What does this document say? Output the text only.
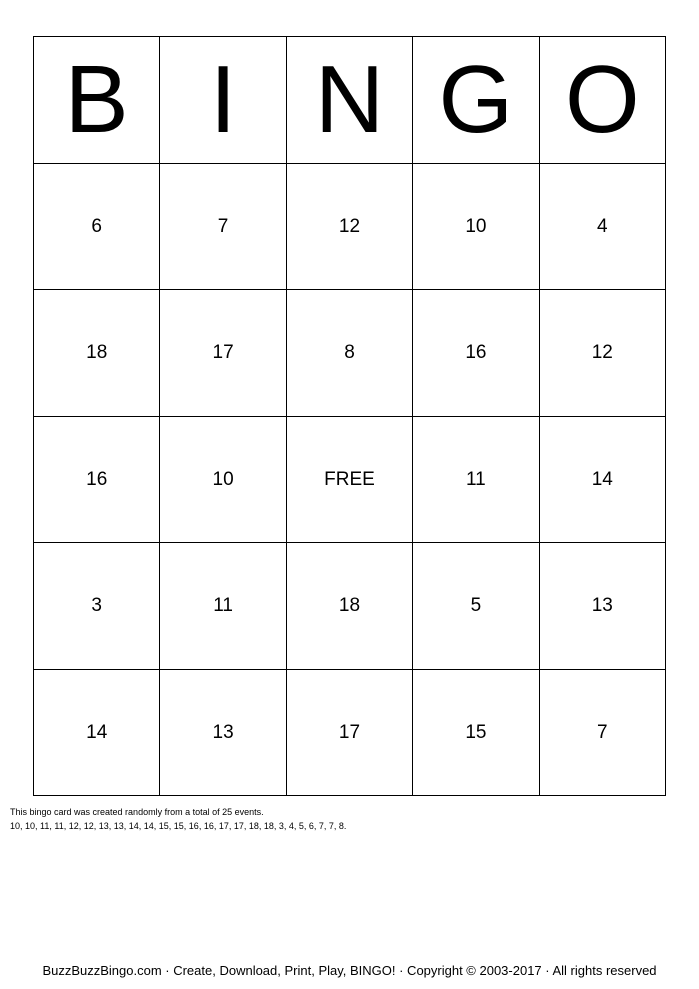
B I N G O
6	7	12	10	4
18	17	8	16	12
16	10	FREE	11	14
3	11	18	5	13
14	13	17	15	7
This bingo card was created randomly from a total of 25 events.
10, 10, 11, 11, 12, 12, 13, 13, 14, 14, 15, 15, 16, 16, 17, 17, 18, 18, 3, 4, 5, 6, 7, 7, 8.
BuzzBuzzBingo.com · Create, Download, Print, Play, BINGO! · Copyright © 2003-2017 · All rights reserved
